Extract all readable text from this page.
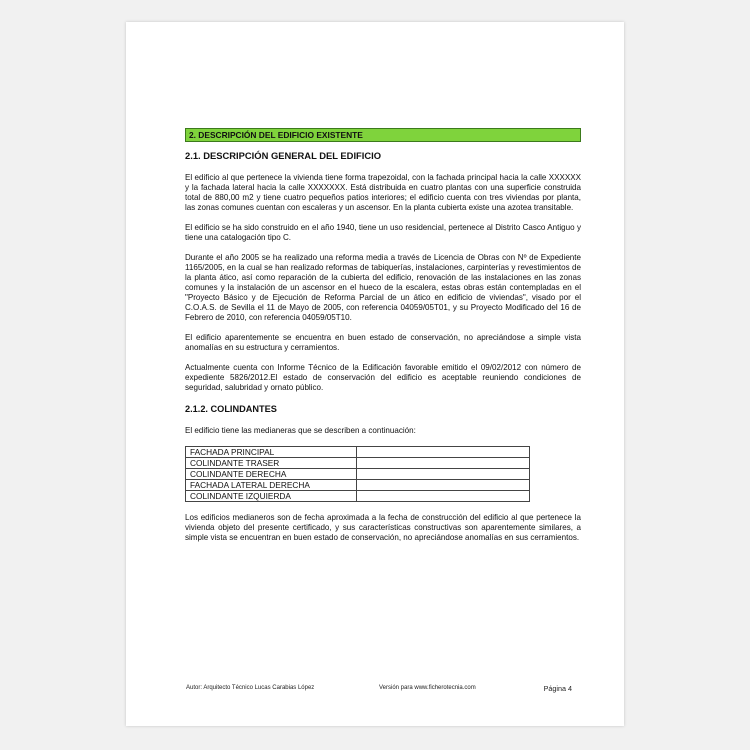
2. DESCRIPCIÓN DEL EDIFICIO EXISTENTE
2.1. DESCRIPCIÓN GENERAL DEL EDIFICIO

El edificio al que pertenece la vivienda tiene forma trapezoidal, con la fachada principal hacia la calle XXXXXX y la fachada lateral hacia la calle XXXXXXX. Está distribuida en cuatro plantas con una superficie construida total de 880,00 m2 y tiene cuatro pequeños patios interiores; el edificio cuenta con tres viviendas por planta, las zonas comunes cuentan con escaleras y un ascensor. En la planta cubierta existe una azotea transitable.

El edificio se ha sido construido en el año 1940, tiene un uso residencial, pertenece al Distrito Casco Antiguo y tiene una catalogación tipo C.

Durante el año 2005 se ha realizado una reforma media a través de Licencia de Obras con Nº de Expediente 1165/2005, en la cual se han realizado reformas de tabiquerías, instalaciones, carpinterías y revestimientos de la planta ático, así como reparación de la cubierta del edificio, renovación de las instalaciones en las zonas comunes y la instalación de un ascensor en el hueco de la escalera, estas obras están contempladas en el "Proyecto Básico y de Ejecución de Reforma Parcial de un ático en edificio de viviendas", visado por el C.O.A.S. de Sevilla el 11 de Mayo de 2005, con referencia 04059/05T01, y su Proyecto Modificado del 16 de Febrero de 2010, con referencia 04059/05T10.

El edificio aparentemente se encuentra en buen estado de conservación, no apreciándose a simple vista anomalías en su estructura y cerramientos.

Actualmente cuenta con Informe Técnico de la Edificación favorable emitido el 09/02/2012 con número de expediente 5826/2012.El estado de conservación del edificio es aceptable reuniendo condiciones de seguridad, salubridad y ornato público.

2.1.2. COLINDANTES

El edificio tiene las medianeras que se describen a continuación:

FACHADA PRINCIPAL	
COLINDANTE TRASER	
COLINDANTE DERECHA	
FACHADA LATERAL DERECHA	
COLINDANTE IZQUIERDA	

Los edificios medianeros son de fecha aproximada a la fecha de construcción del edificio al que pertenece la vivienda objeto del presente certificado, y sus características constructivas son aparentemente similares, a simple vista se encuentran en buen estado de conservación, no apreciándose anomalías en sus cerramientos.

Autor: Arquitecto Técnico Lucas Carabias López	Versión para www.ficherotecnia.com	Página 4
